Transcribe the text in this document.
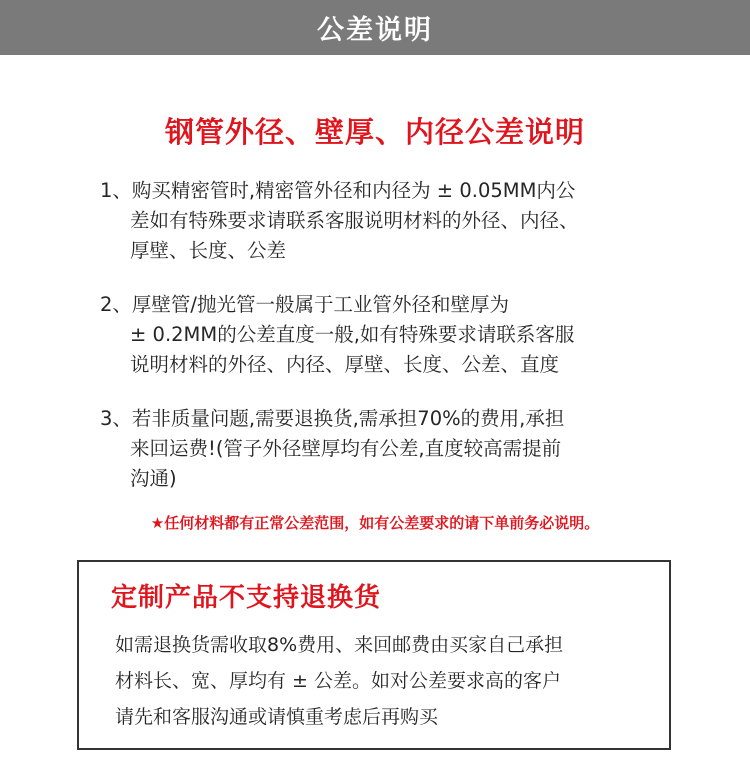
公差说明
钢管外径、壁厚、内径公差说明
1、购买精密管时,精密管外径和内径为 ± 0.05MM内公
差如有特殊要求请联系客服说明材料的外径、内径、
厚壁、长度、公差
2、厚壁管/抛光管一般属于工业管外径和壁厚为
± 0.2MM的公差直度一般,如有特殊要求请联系客服
说明材料的外径、内径、厚壁、长度、公差、直度
3、若非质量问题,需要退换货,需承担70%的费用,承担
来回运费!(管子外径壁厚均有公差,直度较高需提前
沟通)
★任何材料都有正常公差范围，如有公差要求的请下单前务必说明。
定制产品不支持退换货
如需退换货需收取8%费用、来回邮费由买家自己承担
材料长、宽、厚均有 ± 公差。如对公差要求高的客户
请先和客服沟通或请慎重考虑后再购买
